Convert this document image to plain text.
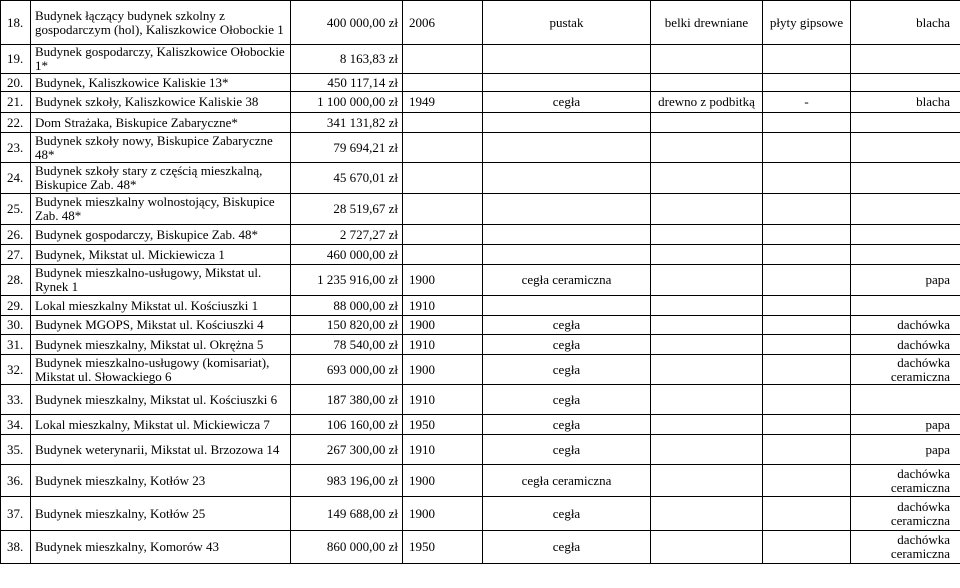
18.	Budynek łączący budynek szkolny z gospodarczym (hol), Kaliszkowice Ołobockie 1	400 000,00 zł	2006	pustak	belki drewniane	płyty gipsowe	blacha
19.	Budynek gospodarczy, Kaliszkowice Ołobockie 1*	8 163,83 zł					
20.	Budynek, Kaliszkowice Kaliskie 13*	450 117,14 zł					
21.	Budynek szkoły, Kaliszkowice Kaliskie 38	1 100 000,00 zł	1949	cegła	drewno z podbitką	-	blacha
22.	Dom Strażaka, Biskupice Zabaryczne*	341 131,82 zł					
23.	Budynek szkoły nowy, Biskupice Zabaryczne 48*	79 694,21 zł					
24.	Budynek szkoły stary z częścią mieszkalną, Biskupice Zab. 48*	45 670,01 zł					
25.	Budynek mieszkalny wolnostojący, Biskupice Zab. 48*	28 519,67 zł					
26.	Budynek gospodarczy, Biskupice Zab. 48*	2 727,27 zł					
27.	Budynek, Mikstat ul. Mickiewicza 1	460 000,00 zł					
28.	Budynek mieszkalno-usługowy, Mikstat ul. Rynek 1	1 235 916,00 zł	1900	cegła ceramiczna			papa
29.	Lokal mieszkalny Mikstat ul. Kościuszki 1	88 000,00 zł	1910				
30.	Budynek MGOPS, Mikstat ul. Kościuszki 4	150 820,00 zł	1900	cegła			dachówka
31.	Budynek mieszkalny, Mikstat ul. Okrężna 5	78 540,00 zł	1910	cegła			dachówka
32.	Budynek mieszkalno-usługowy (komisariat), Mikstat ul. Słowackiego 6	693 000,00 zł	1900	cegła			dachówka ceramiczna
33.	Budynek mieszkalny, Mikstat ul. Kościuszki 6	187 380,00 zł	1910	cegła			
34.	Lokal mieszkalny, Mikstat ul. Mickiewicza 7	106 160,00 zł	1950	cegła			papa
35.	Budynek weterynarii, Mikstat ul. Brzozowa 14	267 300,00 zł	1910	cegła			papa
36.	Budynek mieszkalny, Kotłów 23	983 196,00 zł	1900	cegła ceramiczna			dachówka ceramiczna
37.	Budynek mieszkalny, Kotłów 25	149 688,00 zł	1900	cegła			dachówka ceramiczna
38.	Budynek mieszkalny, Komorów 43	860 000,00 zł	1950	cegła			dachówka ceramiczna
